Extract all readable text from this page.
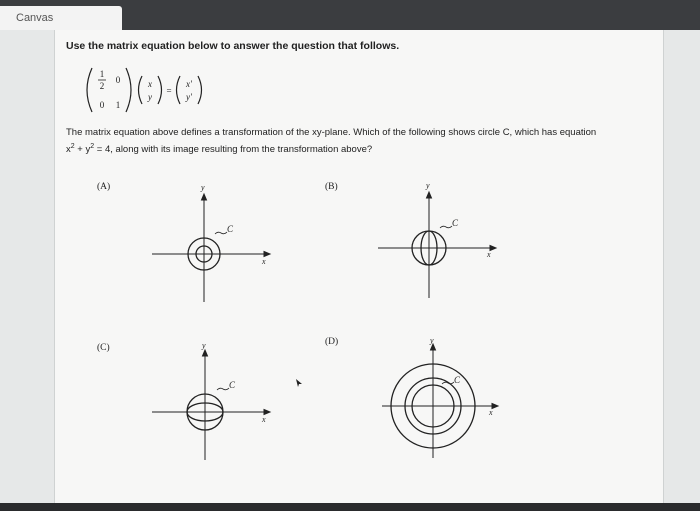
Canvas
Use the matrix equation below to answer the question that follows.
1
2
0
0 1
x
y
=
x'
y'
The matrix equation above defines a transformation of the xy-plane. Which of the following shows circle C, which has equation
$x^2 + y^2 = 4$, along with its image resulting from the transformation above?
(A)	(B)
(C)
(D)
y
x
C
y
x
C
y
x
C
y
x
C
